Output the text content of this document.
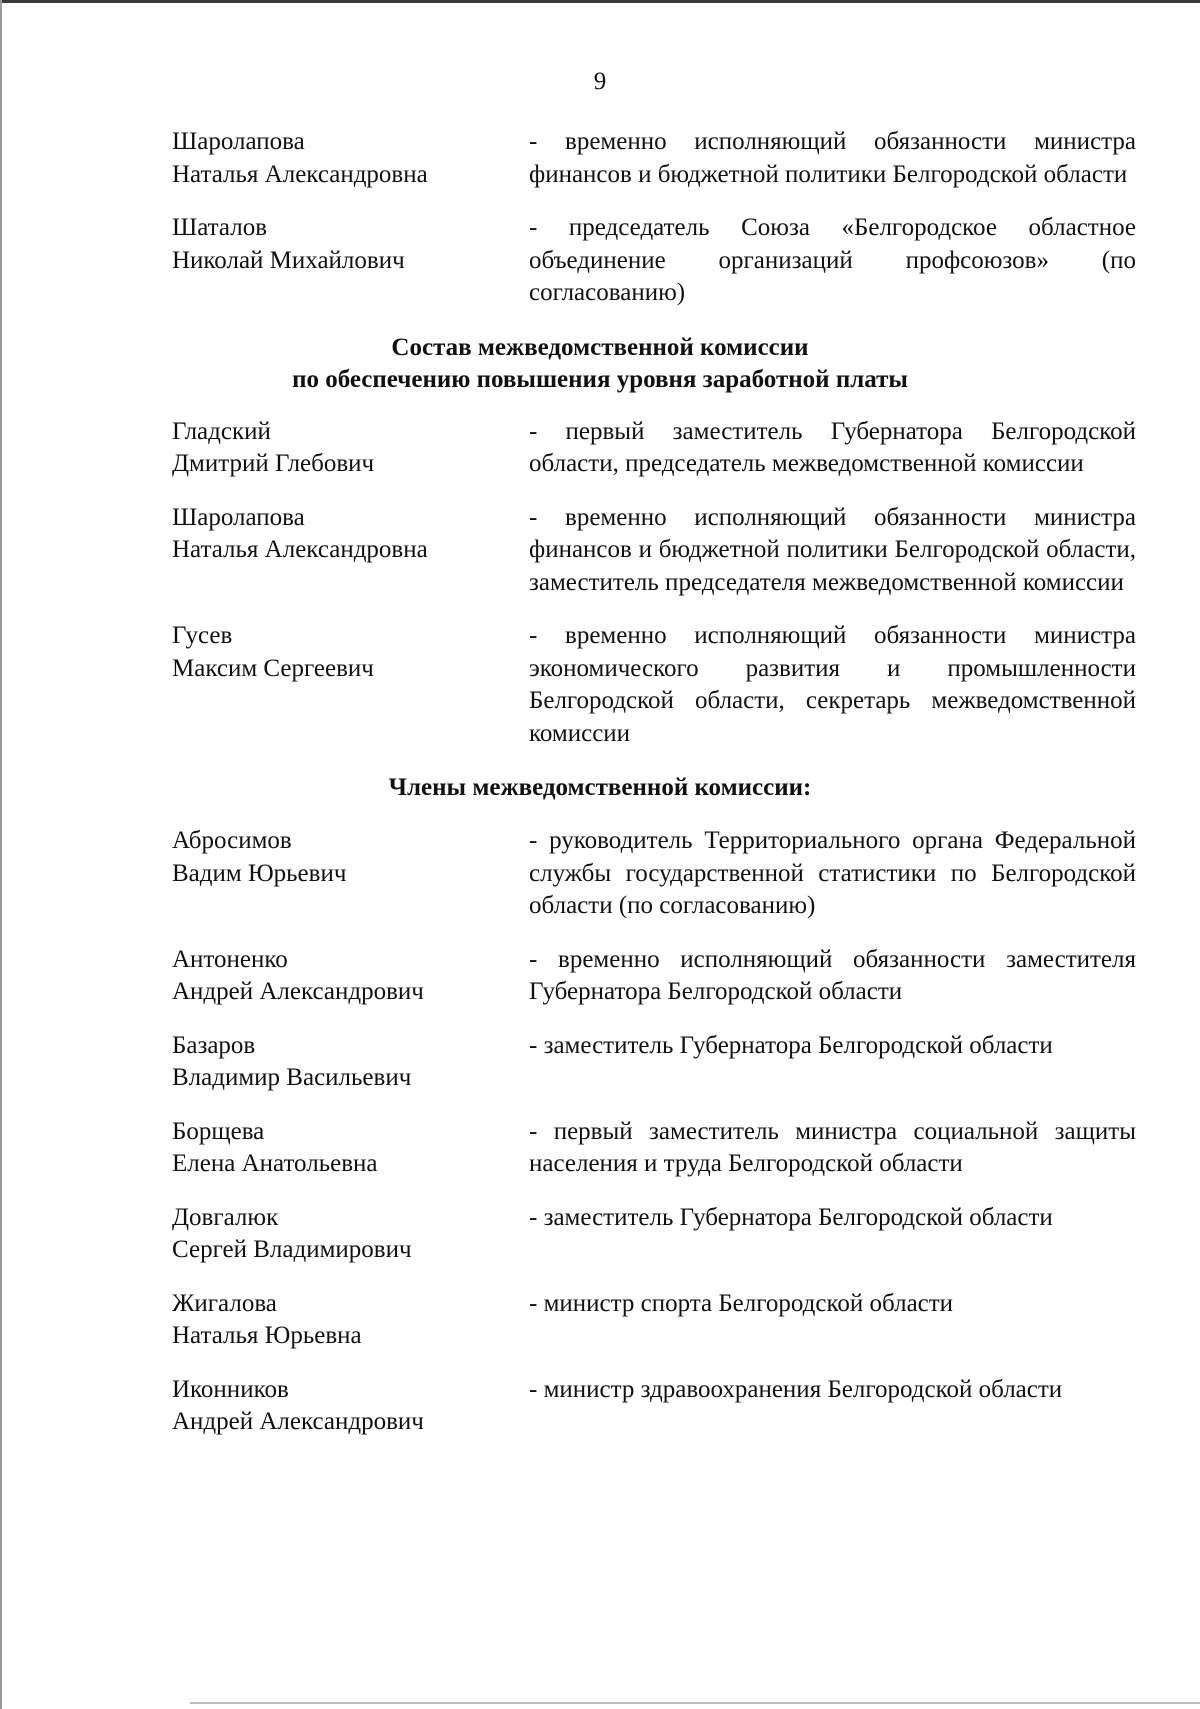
9
Шаролапова
Наталья Александровна
- временно исполняющий обязанности министра финансов и бюджетной политики Белгородской области
Шаталов
Николай Михайлович
- председатель Союза «Белгородское областное объединение организаций профсоюзов» (по согласованию)
Состав межведомственной комиссии
по обеспечению повышения уровня заработной платы
Гладский
Дмитрий Глебович
- первый заместитель Губернатора Белгородской области, председатель межведомственной комиссии
Шаролапова
Наталья Александровна
- временно исполняющий обязанности министра финансов и бюджетной политики Белгородской области, заместитель председателя межведомственной комиссии
Гусев
Максим Сергеевич
- временно исполняющий обязанности министра экономического развития и промышленности Белгородской области, секретарь межведомственной комиссии
Члены межведомственной комиссии:
Абросимов
Вадим Юрьевич
- руководитель Территориального органа Федеральной службы государственной статистики по Белгородской области (по согласованию)
Антоненко
Андрей Александрович
- временно исполняющий обязанности заместителя Губернатора Белгородской области
Базаров
Владимир Васильевич
- заместитель Губернатора Белгородской области
Борщева
Елена Анатольевна
- первый заместитель министра социальной защиты населения и труда Белгородской области
Довгалюк
Сергей Владимирович
- заместитель Губернатора Белгородской области
Жигалова
Наталья Юрьевна
- министр спорта Белгородской области
Иконников
Андрей Александрович
- министр здравоохранения Белгородской области
